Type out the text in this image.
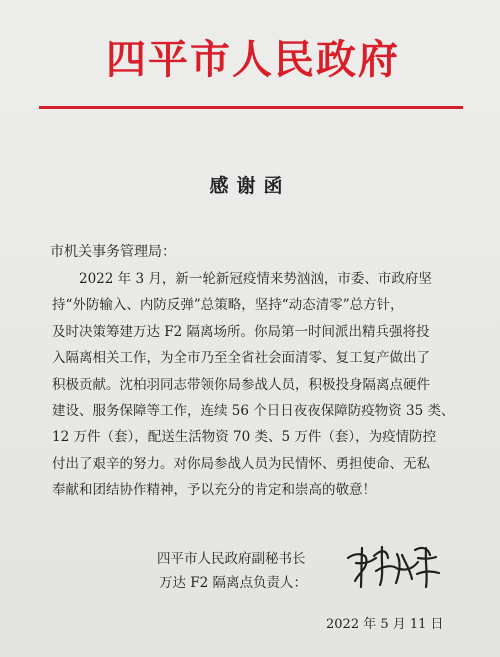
四平市人民政府
感谢函
市机关事务管理局：
2022 年 3 月，新一轮新冠疫情来势汹汹，市委、市政府坚
持“外防输入、内防反弹”总策略，坚持“动态清零”总方针，
及时决策筹建万达 F2 隔离场所。你局第一时间派出精兵强将投
入隔离相关工作，为全市乃至全省社会面清零、复工复产做出了
积极贡献。沈柏羽同志带领你局参战人员，积极投身隔离点硬件
建设、服务保障等工作，连续 56 个日日夜夜保障防疫物资 35 类、
12 万件（套），配送生活物资 70 类、5 万件（套），为疫情防控
付出了艰辛的努力。对你局参战人员为民情怀、勇担使命、无私
奉献和团结协作精神，予以充分的肯定和崇高的敬意！
四平市人民政府副秘书长
万达 F2 隔离点负责人：
2022 年 5 月 11 日
